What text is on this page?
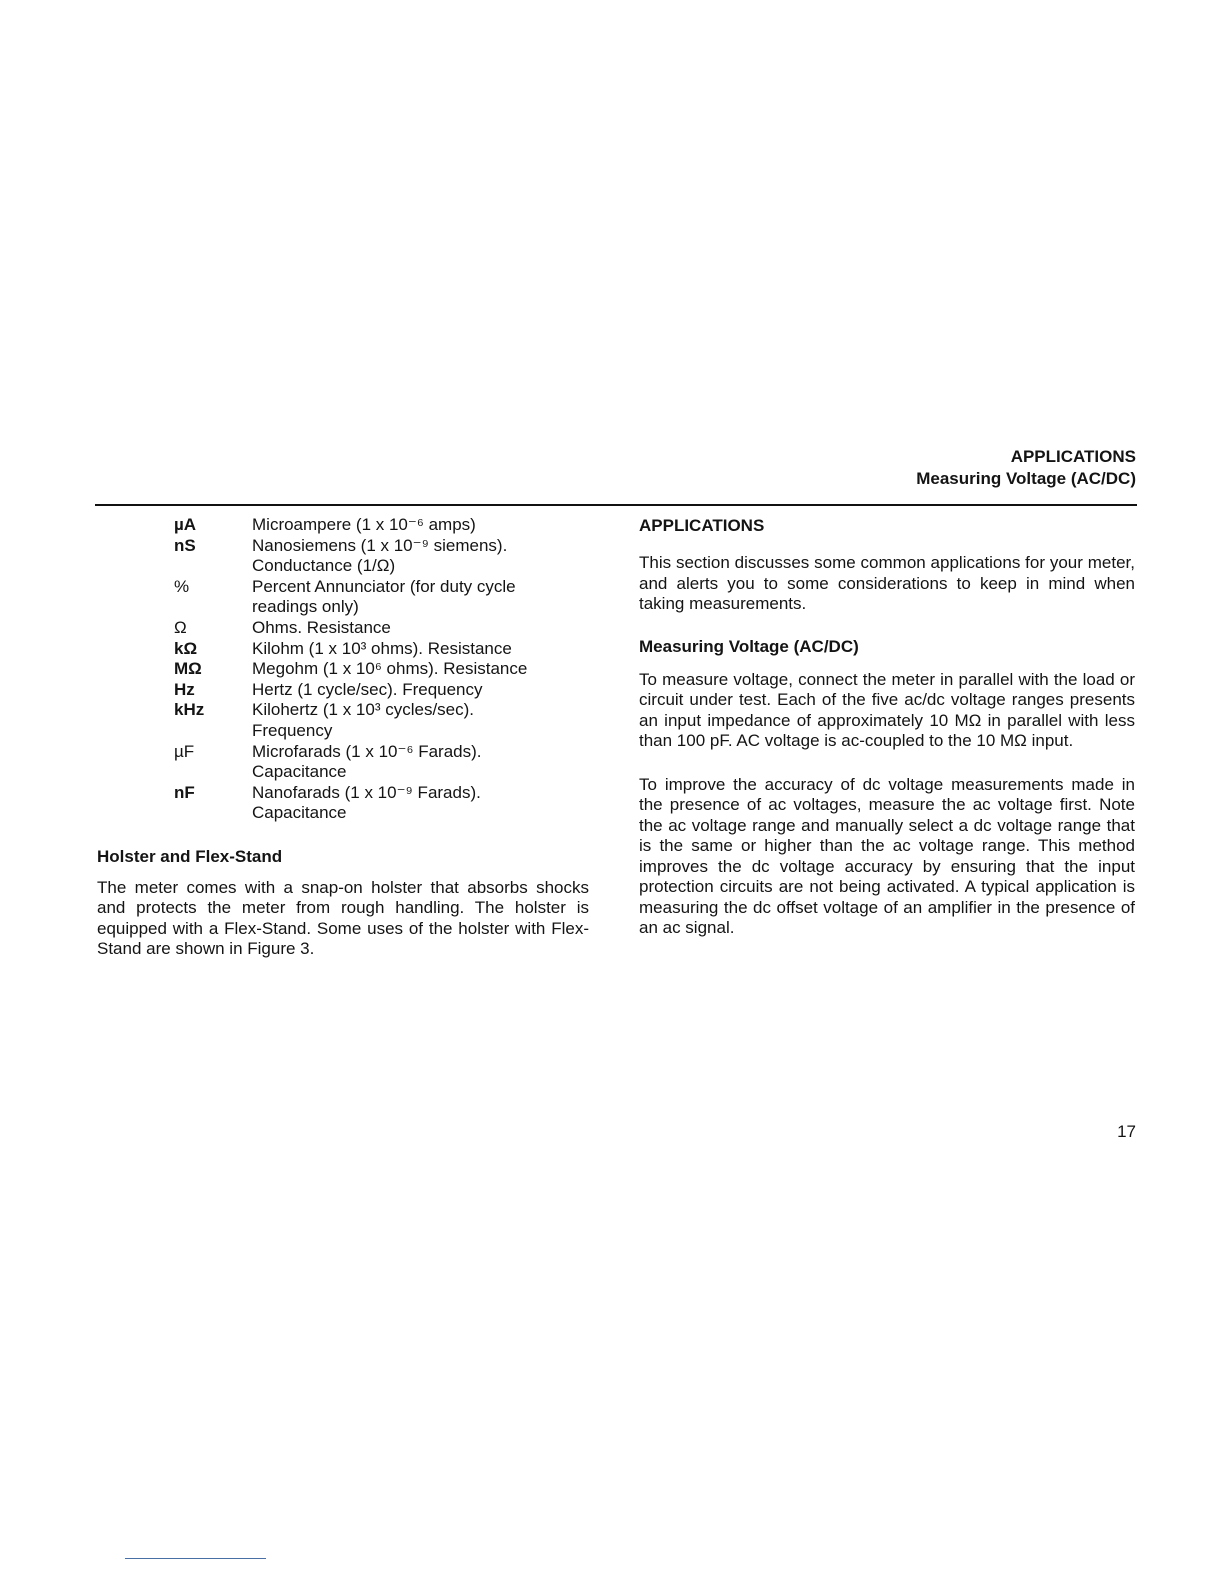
APPLICATIONS
Measuring Voltage (AC/DC)
µA	Microampere (1 x 10⁻⁶ amps)
nS	Nanosiemens (1 x 10⁻⁹ siemens).
Conductance (1/Ω)
%	Percent Annunciator (for duty cycle
readings only)
Ω	Ohms. Resistance
kΩ	Kilohm (1 x 10³ ohms). Resistance
MΩ	Megohm (1 x 10⁶ ohms). Resistance
Hz	Hertz (1 cycle/sec). Frequency
kHz	Kilohertz (1 x 10³ cycles/sec).
Frequency
µF	Microfarads (1 x 10⁻⁶ Farads).
Capacitance
nF	Nanofarads (1 x 10⁻⁹ Farads).
Capacitance
Holster and Flex-Stand

The meter comes with a snap-on holster that absorbs shocks and protects the meter from rough handling. The holster is equipped with a Flex-Stand. Some uses of the holster with Flex-Stand are shown in Figure 3.

APPLICATIONS

This section discusses some common applications for your meter, and alerts you to some considerations to keep in mind when taking measurements.

Measuring Voltage (AC/DC)

To measure voltage, connect the meter in parallel with the load or circuit under test. Each of the five ac/dc voltage ranges presents an input impedance of approximately 10 MΩ in parallel with less than 100 pF. AC voltage is ac-coupled to the 10 MΩ input.

To improve the accuracy of dc voltage measurements made in the presence of ac voltages, measure the ac voltage first. Note the ac voltage range and manually select a dc voltage range that is the same or higher than the ac voltage range. This method improves the dc voltage accuracy by ensuring that the input protection circuits are not being activated. A typical application is measuring the dc offset voltage of an amplifier in the presence of an ac signal.

17
